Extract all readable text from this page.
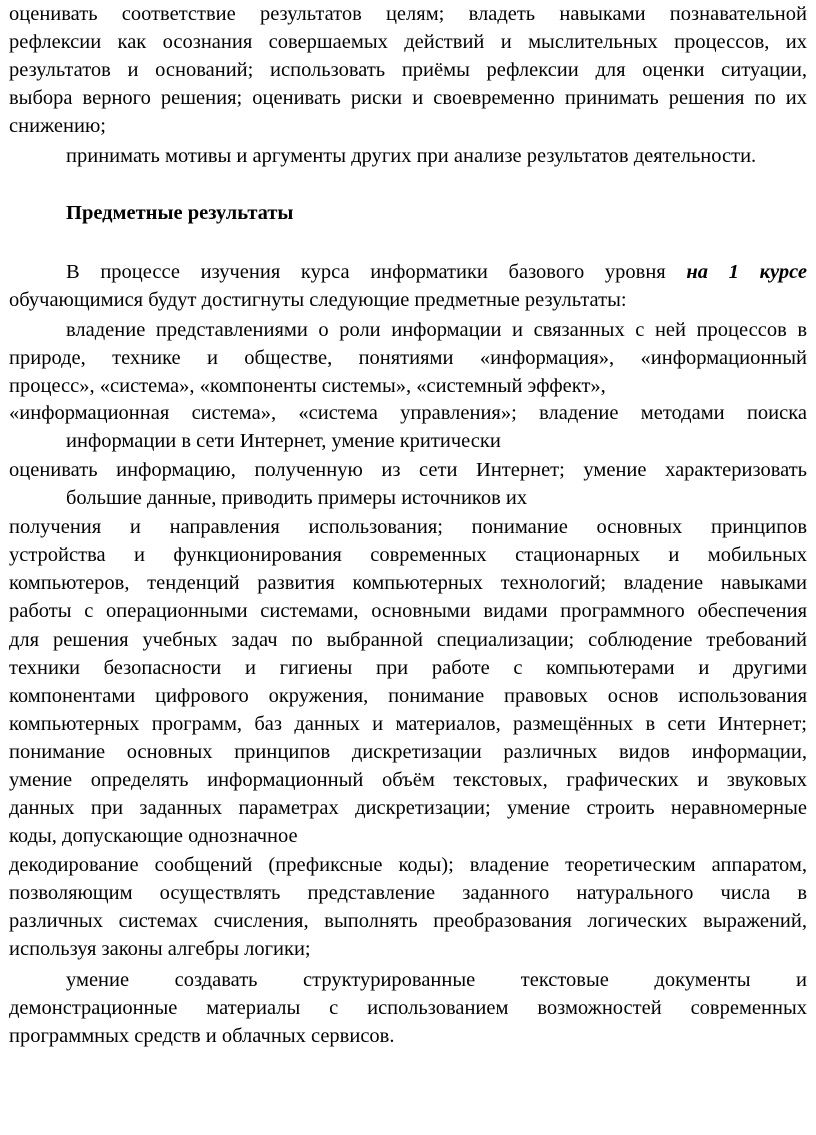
оценивать соответствие результатов целям; владеть навыками познавательной
рефлексии как осознания совершаемых действий и мыслительных процессов, их
результатов и оснований; использовать приёмы рефлексии для оценки ситуации,
выбора верного решения; оценивать риски и своевременно принимать решения по их
снижению;
принимать мотивы и аргументы других при анализе результатов деятельности.
Предметные результаты
В процессе изучения курса информатики базового уровня на 1 курсе
обучающимися будут достигнуты следующие предметные результаты:
владение представлениями о роли информации и связанных с ней процессов в
природе, технике и обществе, понятиями «информация», «информационный
процесс», «система», «компоненты системы», «системный эффект»,
«информационная система», «система управления»; владение методами поиска
информации в сети Интернет, умение критически
оценивать информацию, полученную из сети Интернет; умение характеризовать
большие данные, приводить примеры источников их
получения и направления использования; понимание основных принципов
устройства и функционирования современных стационарных и мобильных
компьютеров, тенденций развития компьютерных технологий; владение навыками
работы с операционными системами, основными видами программного обеспечения
для решения учебных задач по выбранной специализации; соблюдение требований
техники безопасности и гигиены при работе с компьютерами и другими
компонентами цифрового окружения, понимание правовых основ использования
компьютерных программ, баз данных и материалов, размещённых в сети Интернет;
понимание основных принципов дискретизации различных видов информации,
умение определять информационный объём текстовых, графических и звуковых
данных при заданных параметрах дискретизации; умение строить неравномерные
коды, допускающие однозначное
декодирование сообщений (префиксные коды); владение теоретическим аппаратом,
позволяющим осуществлять представление заданного натурального числа в
различных системах счисления, выполнять преобразования логических выражений,
используя законы алгебры логики;
умение создавать структурированные текстовые документы и
демонстрационные материалы с использованием возможностей современных
программных средств и облачных сервисов.
